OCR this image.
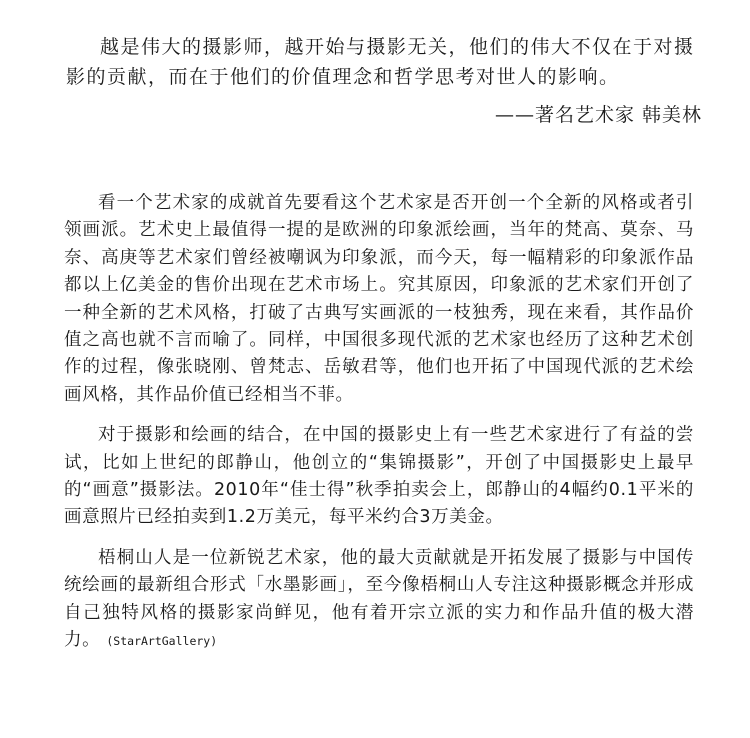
越是伟大的摄影师，越开始与摄影无关，他们的伟大不仅在于对摄影的贡献，而在于他们的价值理念和哲学思考对世人的影响。

——著名艺术家 韩美林

看一个艺术家的成就首先要看这个艺术家是否开创一个全新的风格或者引领画派。艺术史上最值得一提的是欧洲的印象派绘画，当年的梵高、莫奈、马奈、高庚等艺术家们曾经被嘲讽为印象派，而今天，每一幅精彩的印象派作品都以上亿美金的售价出现在艺术市场上。究其原因，印象派的艺术家们开创了一种全新的艺术风格，打破了古典写实画派的一枝独秀，现在来看，其作品价值之高也就不言而喻了。同样，中国很多现代派的艺术家也经历了这种艺术创作的过程，像张晓刚、曾梵志、岳敏君等，他们也开拓了中国现代派的艺术绘画风格，其作品价值已经相当不菲。

对于摄影和绘画的结合，在中国的摄影史上有一些艺术家进行了有益的尝试，比如上世纪的郎静山，他创立的“集锦摄影”，开创了中国摄影史上最早的“画意”摄影法。2010年“佳士得”秋季拍卖会上，郎静山的4幅约0.1平米的画意照片已经拍卖到1.2万美元，每平米约合3万美金。

梧桐山人是一位新锐艺术家，他的最大贡献就是开拓发展了摄影与中国传统绘画的最新组合形式「水墨影画」，至今像梧桐山人专注这种摄影概念并形成自己独特风格的摄影家尚鲜见，他有着开宗立派的实力和作品升值的极大潜力。 (StarArtGallery)
